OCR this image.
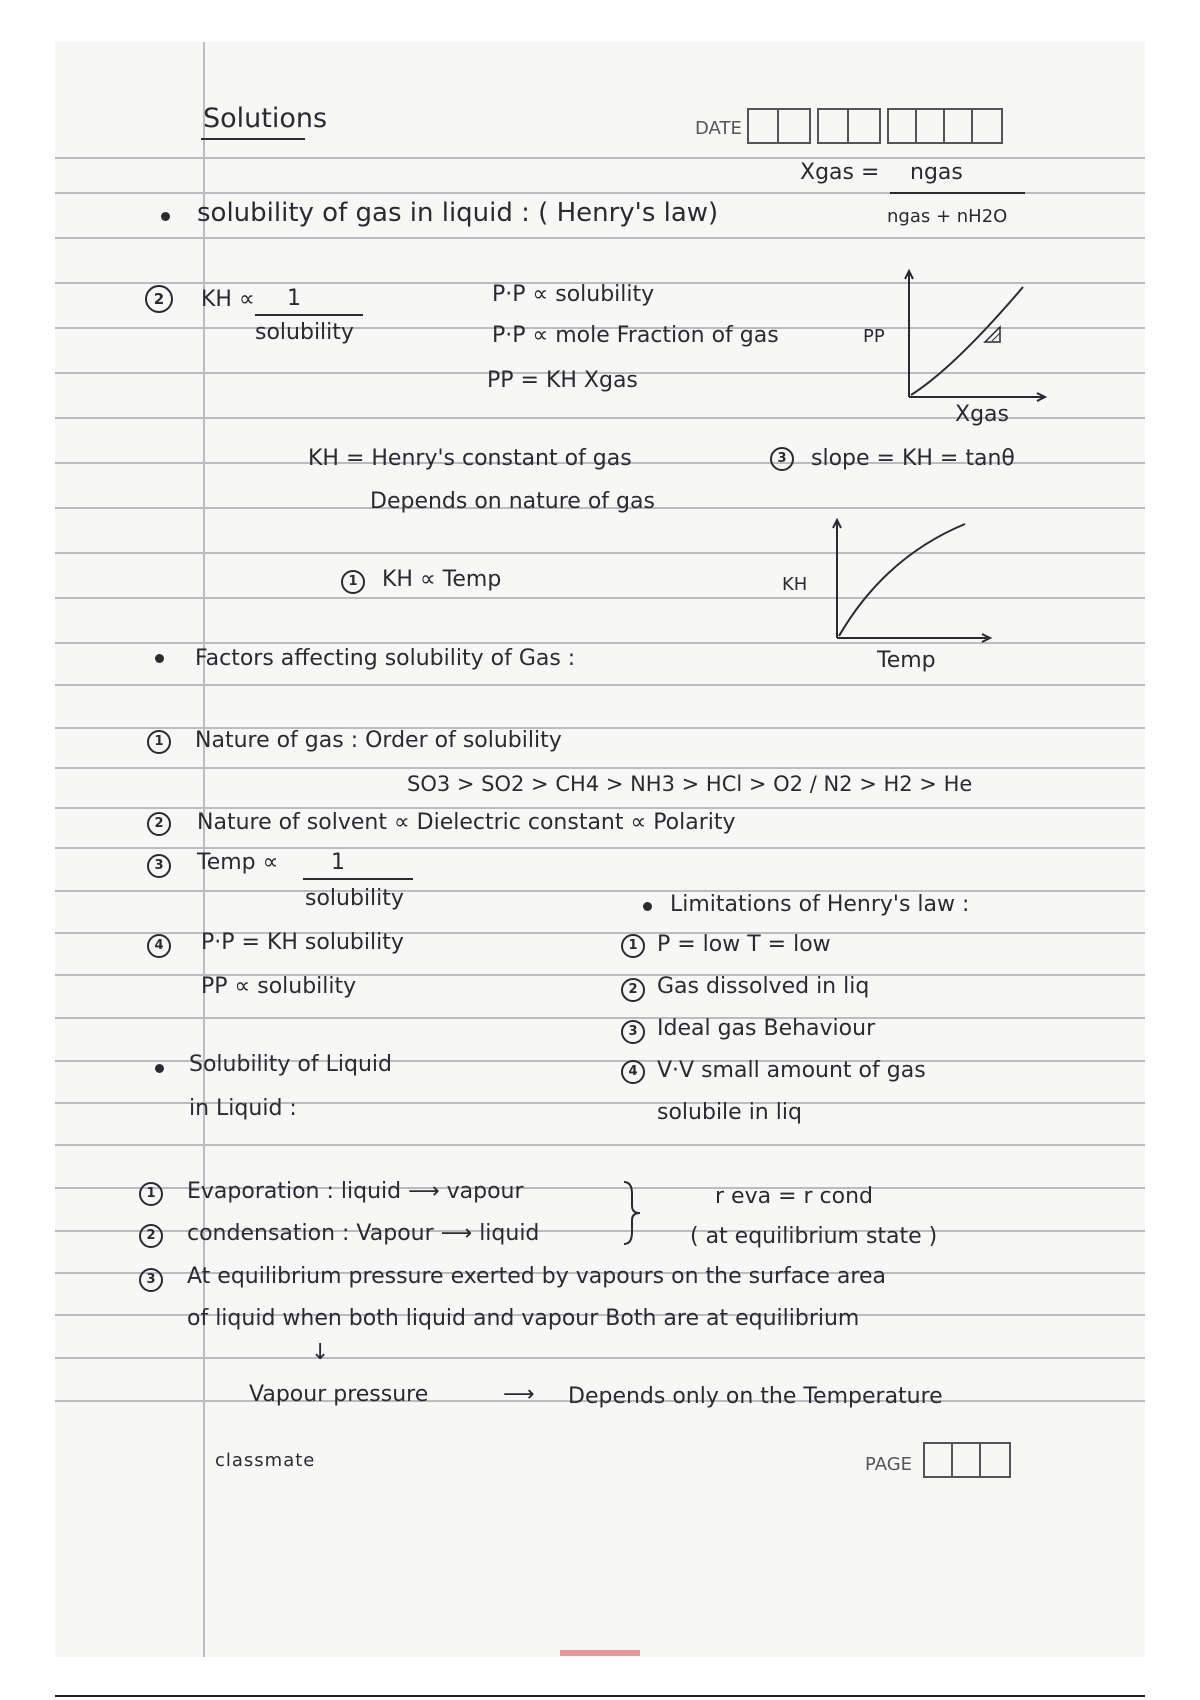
Solutions	DATE
Xgas = ngas
ngas + nH2O
solubility of gas in liquid : ( Henry's law)
2	KH ∝ 1
solubility
P·P ∝ solubility
P·P ∝ mole Fraction of gas
PP = KH Xgas
PP
Xgas
KH = Henry's constant of gas
Depends on nature of gas
3	slope = KH = tanθ
1	KH ∝ Temp	KH
Temp
Factors affecting solubility of Gas :
1	Nature of gas : Order of solubility
SO3 > SO2 > CH4 > NH3 > HCl > O2 / N2 > H2 > He
2	Nature of solvent ∝ Dielectric constant ∝ Polarity
3	Temp ∝ 1
solubility
4	P·P = KH solubility
PP ∝ solubility
Limitations of Henry's law :
1 P = low T = low
2 Gas dissolved in liq
3 Ideal gas Behaviour
4 V·V small amount of gas
solubile in liq
Solubility of Liquid
in Liquid :
1	Evaporation : liquid ⟶ vapour
2	condensation : Vapour ⟶ liquid
r eva = r cond
( at equilibrium state )
3	At equilibrium pressure exerted by vapours on the surface area
of liquid when both liquid and vapour Both are at equilibrium
↓
Vapour pressure	⟶ Depends only on the Temperature
classmate	PAGE
